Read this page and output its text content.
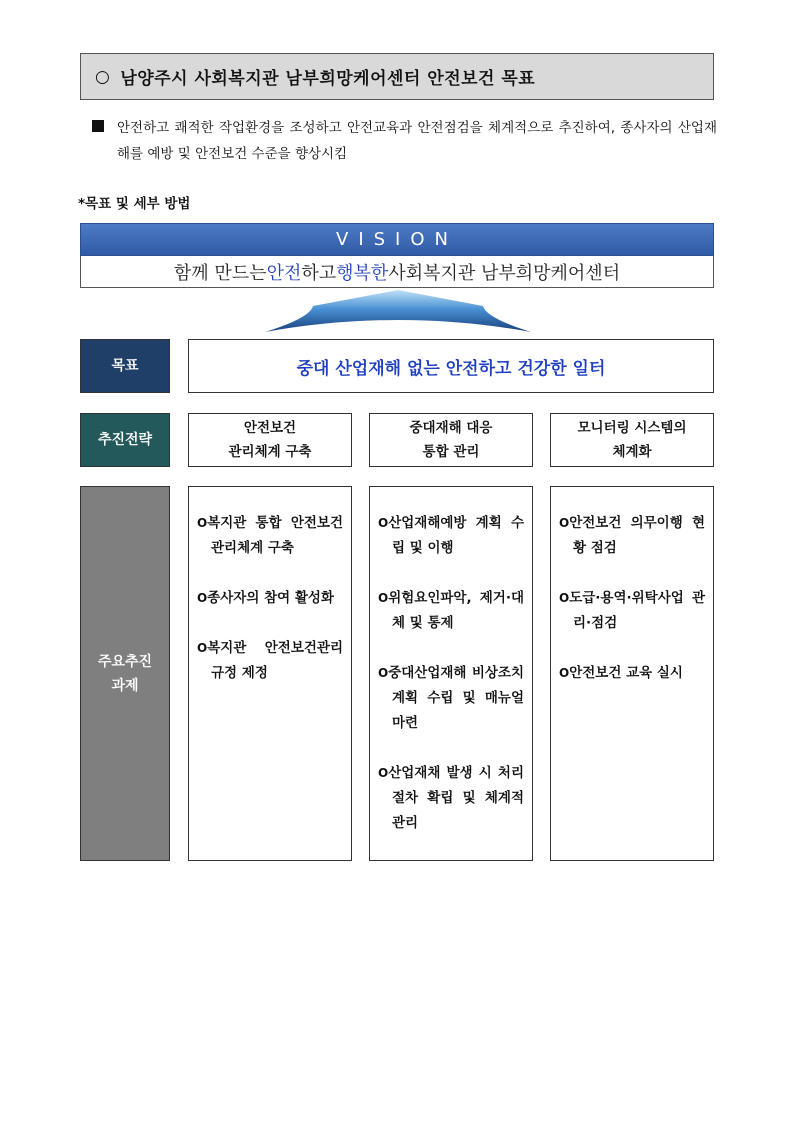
○ 남양주시 사회복지관 남부희망케어센터 안전보건 목표
안전하고 쾌적한 작업환경을 조성하고 안전교육과 안전점검을 체계적으로 추진하여, 종사자의 산업재해를 예방 및 안전보건 수준을 향상시킴
*목표 및 세부 방법
VISION
함께 만드는 안전 하고 행복한 사회복지관 남부희망케어센터
목표	중대 산업재해 없는 안전하고 건강한 일터
추진전략
안전보건
관리체계 구축
중대재해 대응
통합 관리
모니터링 시스템의
체계화
주요추진
과제
O복지관 통합 안전보건관리체계 구축
O종사자의 참여 활성화
O복지관 안전보건관리 규정 제정
O산업재해예방 계획 수립 및 이행
O위험요인파악, 제거·대체 및 통제
O중대산업재해 비상조치계획 수립 및 매뉴얼 마련
O산업재채 발생 시 처리 절차 확립 및 체계적 관리
O안전보건 의무이행 현황 점검
O도급·용역·위탁사업 관리·점검
O안전보건 교육 실시
